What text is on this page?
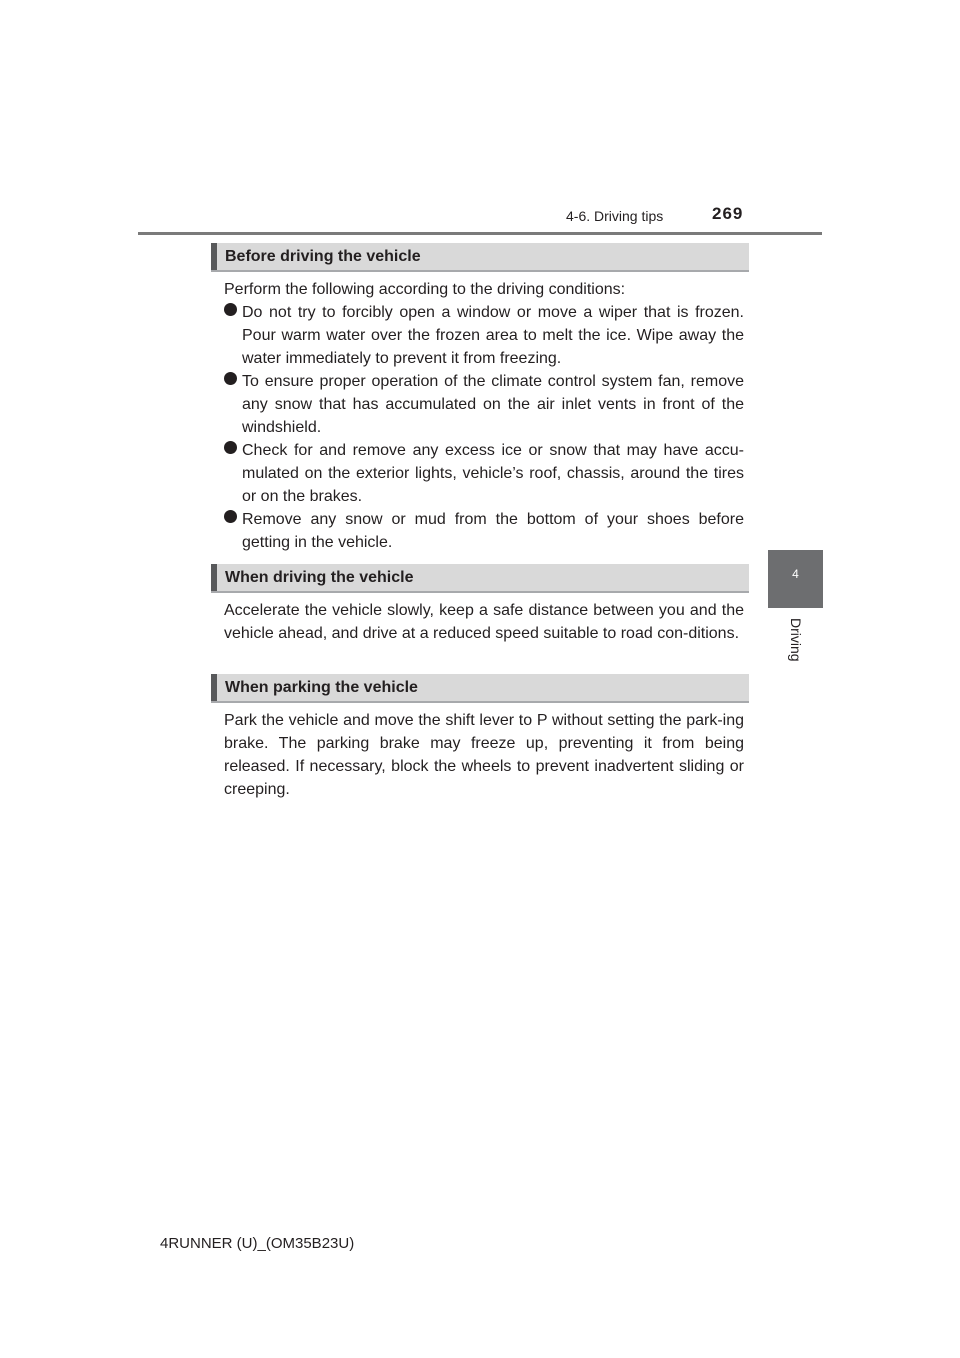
4-6. Driving tips	269
4
Driving
Before driving the vehicle

Perform the following according to the driving conditions:

Do not try to forcibly open a window or move a wiper that is frozen. Pour warm water over the frozen area to melt the ice. Wipe away the water immediately to prevent it from freezing.
To ensure proper operation of the climate control system fan, remove any snow that has accumulated on the air inlet vents in front of the windshield.
Check for and remove any excess ice or snow that may have accu-mulated on the exterior lights, vehicle’s roof, chassis, around the tires or on the brakes.
Remove any snow or mud from the bottom of your shoes before getting in the vehicle.
When driving the vehicle

Accelerate the vehicle slowly, keep a safe distance between you and the vehicle ahead, and drive at a reduced speed suitable to road con-ditions.

When parking the vehicle

Park the vehicle and move the shift lever to P without setting the park-ing brake. The parking brake may freeze up, preventing it from being released. If necessary, block the wheels to prevent inadvertent sliding or creeping.

4RUNNER (U)_(OM35B23U)
